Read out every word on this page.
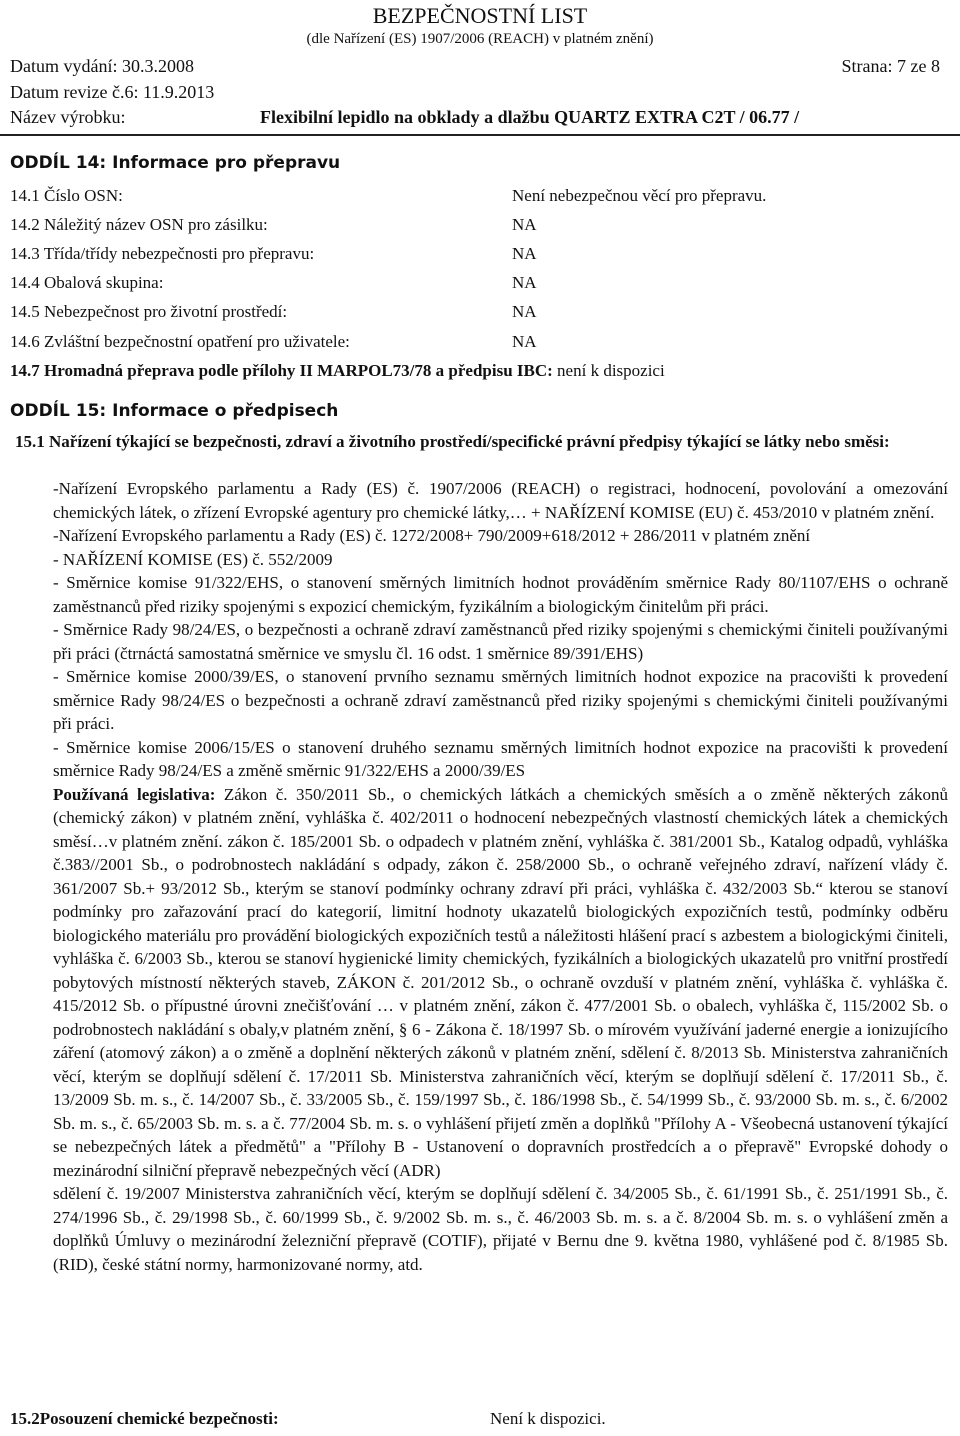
BEZPEČNOSTNÍ LIST
(dle Nařízení (ES) 1907/2006 (REACH) v platném znění)
Datum vydání: 30.3.2008	Strana: 7 ze 8
Datum revize č.6: 11.9.2013
Název výrobku:	Flexibilní lepidlo na obklady a dlažbu QUARTZ EXTRA C2T / 06.77 /
ODDÍL 14: Informace pro přepravu
14.1 Číslo OSN:	Není nebezpečnou věcí pro přepravu.
14.2 Náležitý název OSN pro zásilku:	NA
14.3 Třída/třídy nebezpečnosti pro přepravu:	NA
14.4 Obalová skupina:	NA
14.5 Nebezpečnost pro životní prostředí:	NA
14.6 Zvláštní bezpečnostní opatření pro uživatele:	NA
14.7 Hromadná přeprava podle přílohy II MARPOL73/78 a předpisu IBC: není k dispozici
ODDÍL 15: Informace o předpisech
15.1 Nařízení týkající se bezpečnosti, zdraví a životního prostředí/specifické právní předpisy týkající se látky nebo směsi:

-Nařízení Evropského parlamentu a Rady (ES) č. 1907/2006 (REACH) o registraci, hodnocení, povolování a omezování chemických látek, o zřízení Evropské agentury pro chemické látky,… + NAŘÍZENÍ KOMISE (EU) č. 453/2010 v platném znění.

-Nařízení Evropského parlamentu a Rady (ES) č. 1272/2008+ 790/2009+618/2012 + 286/2011 v platném znění

- NAŘÍZENÍ KOMISE (ES) č. 552/2009

- Směrnice komise 91/322/EHS, o stanovení směrných limitních hodnot prováděním směrnice Rady 80/1107/EHS o ochraně zaměstnanců před riziky spojenými s expozicí chemickým, fyzikálním a biologickým činitelům při práci.

- Směrnice Rady 98/24/ES, o bezpečnosti a ochraně zdraví zaměstnanců před riziky spojenými s chemickými činiteli používanými při práci (čtrnáctá samostatná směrnice ve smyslu čl. 16 odst. 1 směrnice 89/391/EHS)

- Směrnice komise 2000/39/ES, o stanovení prvního seznamu směrných limitních hodnot expozice na pracovišti k provedení směrnice Rady 98/24/ES o bezpečnosti a ochraně zdraví zaměstnanců před riziky spojenými s chemickými činiteli používanými při práci.

- Směrnice komise 2006/15/ES o stanovení druhého seznamu směrných limitních hodnot expozice na pracovišti k provedení směrnice Rady 98/24/ES a změně směrnic 91/322/EHS a 2000/39/ES

Používaná legislativa: Zákon č. 350/2011 Sb., o chemických látkách a chemických směsích a o změně některých zákonů (chemický zákon) v platném znění, vyhláška č. 402/2011 o hodnocení nebezpečných vlastností chemických látek a chemických směsí…v platném znění. zákon č. 185/2001 Sb. o odpadech v platném znění, vyhláška č. 381/2001 Sb., Katalog odpadů, vyhláška č.383//2001 Sb., o podrobnostech nakládání s odpady, zákon č. 258/2000 Sb., o ochraně veřejného zdraví, nařízení vlády č. 361/2007 Sb.+ 93/2012 Sb., kterým se stanoví podmínky ochrany zdraví při práci, vyhláška č. 432/2003 Sb.“ kterou se stanoví podmínky pro zařazování prací do kategorií, limitní hodnoty ukazatelů biologických expozičních testů, podmínky odběru biologického materiálu pro provádění biologických expozičních testů a náležitosti hlášení prací s azbestem a biologickými činiteli, vyhláška č. 6/2003 Sb., kterou se stanoví hygienické limity chemických, fyzikálních a biologických ukazatelů pro vnitřní prostředí pobytových místností některých staveb, ZÁKON č. 201/2012 Sb., o ochraně ovzduší v platném znění, vyhláška č. vyhláška č. 415/2012 Sb. o přípustné úrovni znečišťování … v platném znění, zákon č. 477/2001 Sb. o obalech, vyhláška č, 115/2002 Sb. o podrobnostech nakládání s obaly,v platném znění, § 6 - Zákona č. 18/1997 Sb. o mírovém využívání jaderné energie a ionizujícího záření (atomový zákon) a o změně a doplnění některých zákonů v platném znění, sdělení č. 8/2013 Sb. Ministerstva zahraničních věcí, kterým se doplňují sdělení č. 17/2011 Sb. Ministerstva zahraničních věcí, kterým se doplňují sdělení č. 17/2011 Sb., č. 13/2009 Sb. m. s., č. 14/2007 Sb., č. 33/2005 Sb., č. 159/1997 Sb., č. 186/1998 Sb., č. 54/1999 Sb., č. 93/2000 Sb. m. s., č. 6/2002 Sb. m. s., č. 65/2003 Sb. m. s. a č. 77/2004 Sb. m. s. o vyhlášení přijetí změn a doplňků "Přílohy A - Všeobecná ustanovení týkající se nebezpečných látek a předmětů" a "Přílohy B - Ustanovení o dopravních prostředcích a o přepravě" Evropské dohody o mezinárodní silniční přepravě nebezpečných věcí (ADR)

sdělení č. 19/2007 Ministerstva zahraničních věcí, kterým se doplňují sdělení č. 34/2005 Sb., č. 61/1991 Sb., č. 251/1991 Sb., č. 274/1996 Sb., č. 29/1998 Sb., č. 60/1999 Sb., č. 9/2002 Sb. m. s., č. 46/2003 Sb. m. s. a č. 8/2004 Sb. m. s. o vyhlášení změn a doplňků Úmluvy o mezinárodní železniční přepravě (COTIF), přijaté v Bernu dne 9. května 1980, vyhlášené pod č. 8/1985 Sb.(RID), české státní normy, harmonizované normy, atd.

15.2Posouzení chemické bezpečnosti:	Není k dispozici.
